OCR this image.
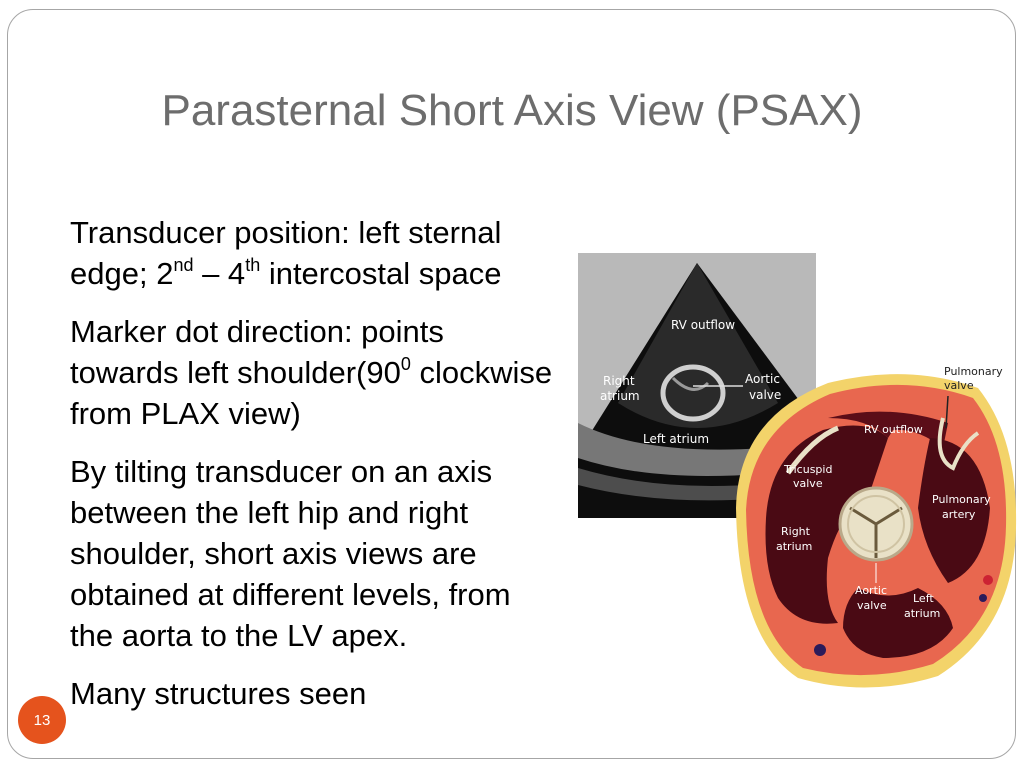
Parasternal Short Axis View (PSAX)
Transducer position: left sternal edge; 2nd – 4th intercostal space
Marker dot direction: points towards left $shoulder(90^0$ clockwise from PLAX view)
By tilting transducer on an axis between the left hip and right shoulder, short axis views are obtained at different levels, from the aorta to the LV apex.
Many structures seen
RV outflow
Right
atrium
Aortic
valve
Left atrium
Pulmonary
valve
RV outflow
Tricuspid
valve
Pulmonary
artery
Right
atrium
Aortic
valve
Left
atrium
13
